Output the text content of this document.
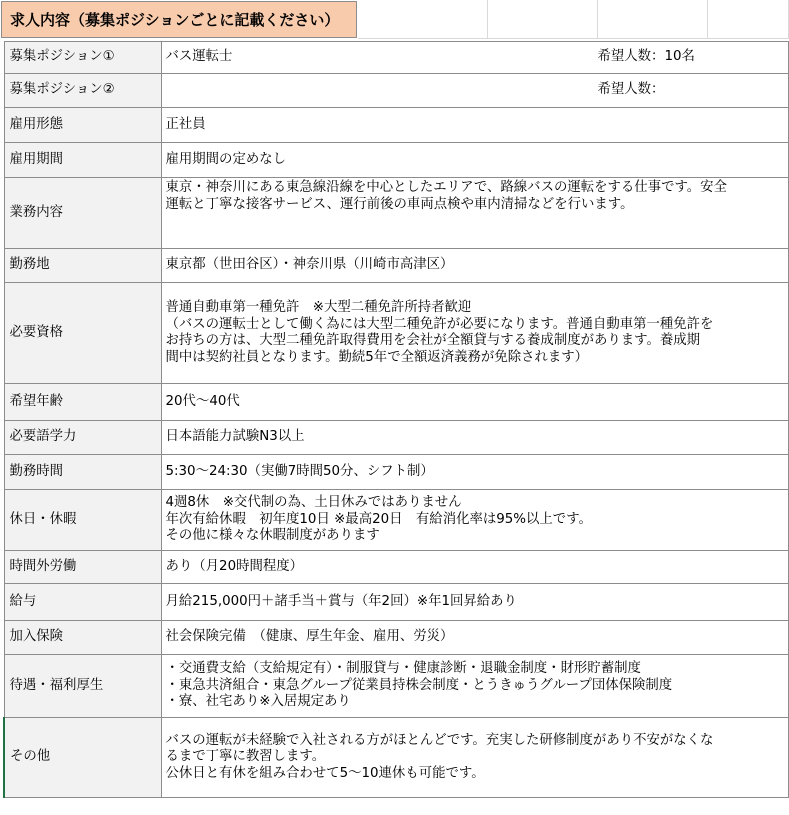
求人内容（募集ポジションごとに記載ください）
募集ポジション①	バス運転士 希望人数：10名

募集ポジション②	希望人数：

雇用形態	正社員
雇用期間	雇用期間の定めなし
業務内容	東京・神奈川にある東急線沿線を中心としたエリアで、路線バスの運転をする仕事です。安全
運転と丁寧な接客サービス、運行前後の車両点検や車内清掃などを行います。

勤務地	東京都（世田谷区）・神奈川県（川崎市高津区）
必要資格	普通自動車第一種免許　※大型二種免許所持者歓迎
（バスの運転士として働く為には大型二種免許が必要になります。普通自動車第一種免許を
お持ちの方は、大型二種免許取得費用を会社が全額貸与する養成制度があります。養成期
間中は契約社員となります。勤続5年で全額返済義務が免除されます）

希望年齢	20代～40代
必要語学力	日本語能力試験N3以上
勤務時間	5:30～24:30（実働7時間50分、シフト制）
休日・休暇	4週8休　※交代制の為、土日休みではありません
年次有給休暇　初年度10日 ※最高20日　有給消化率は95%以上です。
その他に様々な休暇制度があります

時間外労働	あり（月20時間程度）
給与	月給215,000円＋諸手当＋賞与（年2回）※年1回昇給あり
加入保険	社会保険完備　（健康、厚生年金、雇用、労災）
待遇・福利厚生	・交通費支給（支給規定有）・制服貸与・健康診断・退職金制度・財形貯蓄制度
・東急共済組合・東急グループ従業員持株会制度・とうきゅうグループ団体保険制度
・寮、社宅あり※入居規定あり

その他	バスの運転が未経験で入社される方がほとんどです。充実した研修制度があり不安がなくな
るまで丁寧に教習します。
公休日と有休を組み合わせて5～10連休も可能です。
